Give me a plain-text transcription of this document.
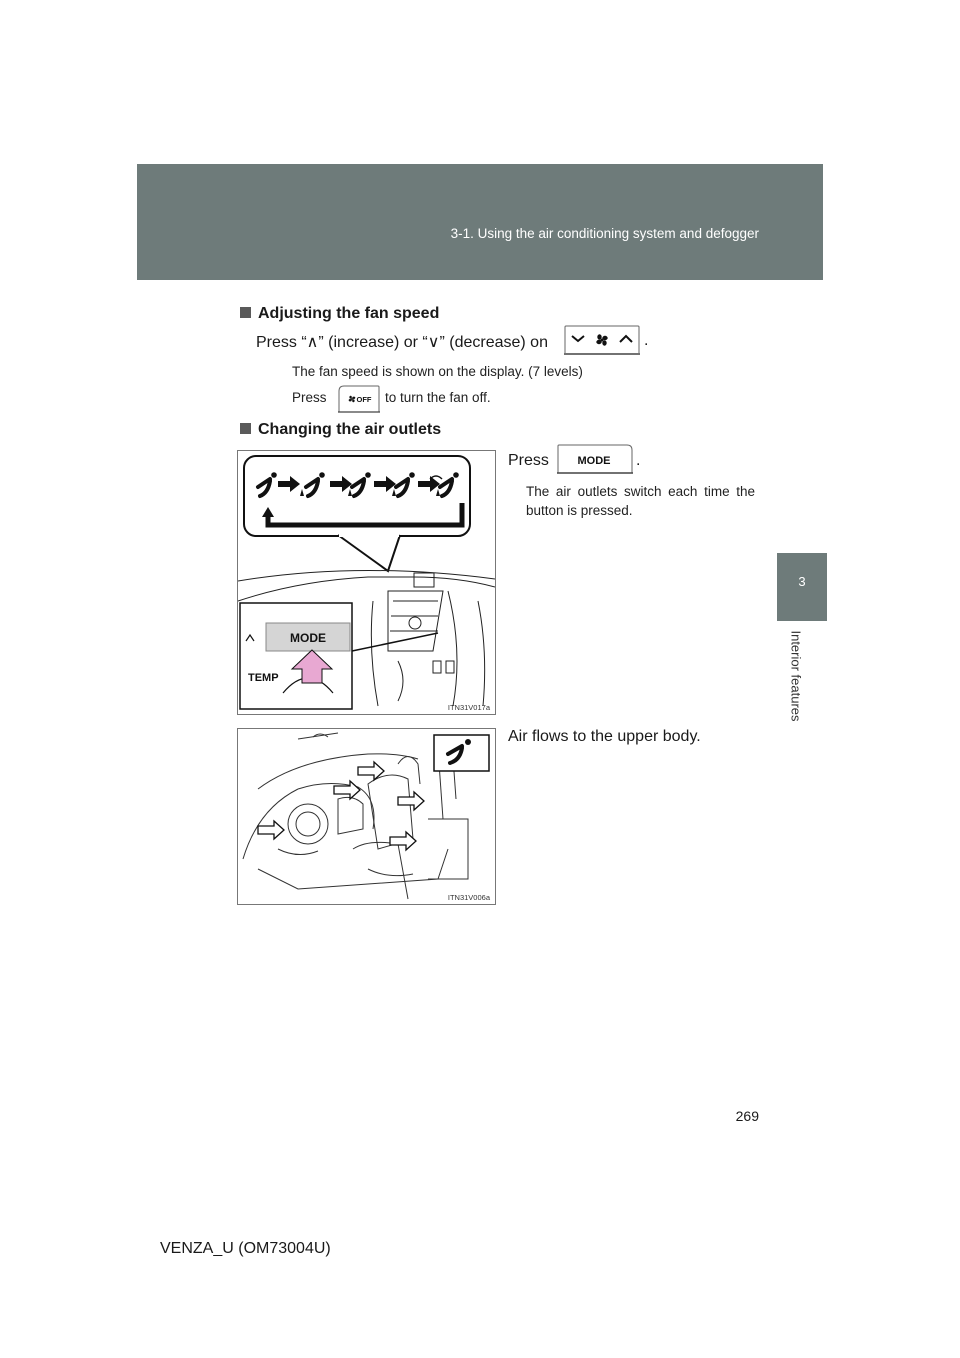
3-1. Using the air conditioning system and defogger
3
Interior features
Adjusting the fan speed
Press “∧” (increase) or “∨” (decrease) on	.
The fan speed is shown on the display. (7 levels)
Press	OFF to turn the fan off.
Changing the air outlets
MODE
TEMP
ITN31V017a
Press	MODE .
The air outlets switch each time the button is pressed.
ITN31V006a
Air flows to the upper body.
269
VENZA_U (OM73004U)
